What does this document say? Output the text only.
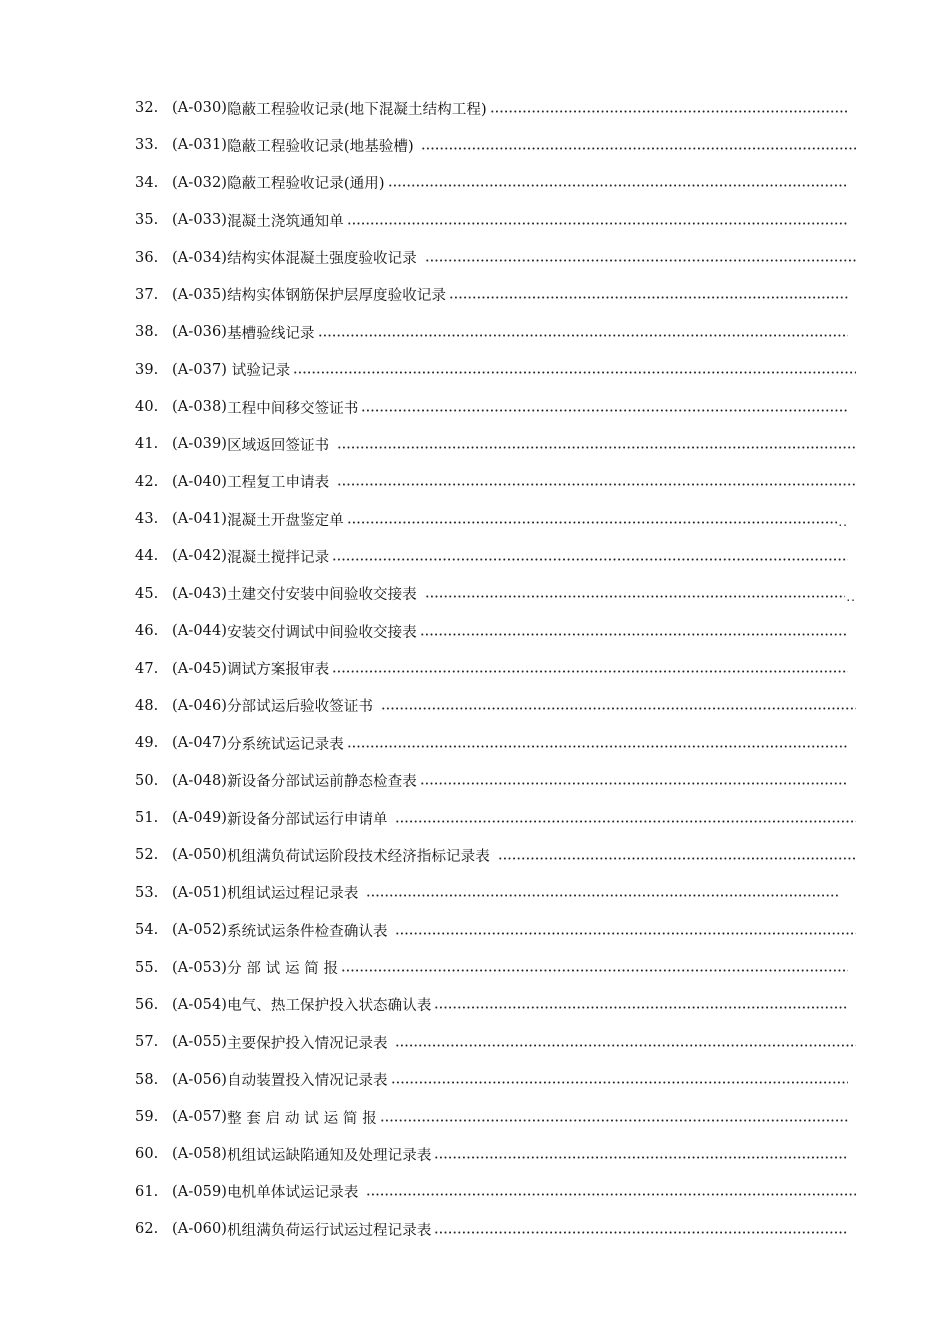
32. (A-030) 隐蔽工程验收记录(地下混凝土结构工程)
33. (A-031) 隐蔽工程验收记录(地基验槽)
34. (A-032) 隐蔽工程验收记录(通用)
35. (A-033) 混凝土浇筑通知单
36. (A-034) 结构实体混凝土强度验收记录
37. (A-035) 结构实体钢筋保护层厚度验收记录
38. (A-036) 基槽验线记录
39. (A-037) 试验记录
40. (A-038) 工程中间移交签证书
41. (A-039) 区域返回签证书
42. (A-040) 工程复工申请表
43. (A-041) 混凝土开盘鉴定单	..
44. (A-042) 混凝土搅拌记录
45. (A-043) 土建交付安装中间验收交接表	..
46. (A-044) 安装交付调试中间验收交接表
47. (A-045) 调试方案报审表
48. (A-046) 分部试运后验收签证书
49. (A-047) 分系统试运记录表
50. (A-048) 新设备分部试运前静态检查表
51. (A-049) 新设备分部试运行申请单
52. (A-050) 机组满负荷试运阶段技术经济指标记录表
53. (A-051) 机组试运过程记录表
54. (A-052) 系统试运条件检查确认表
55. (A-053) 分 部 试 运 简 报
56. (A-054) 电气、热工保护投入状态确认表
57. (A-055) 主要保护投入情况记录表
58. (A-056) 自动装置投入情况记录表
59. (A-057) 整 套 启 动 试 运 简 报
60. (A-058) 机组试运缺陷通知及处理记录表
61. (A-059) 电机单体试运记录表
62. (A-060) 机组满负荷运行试运过程记录表
